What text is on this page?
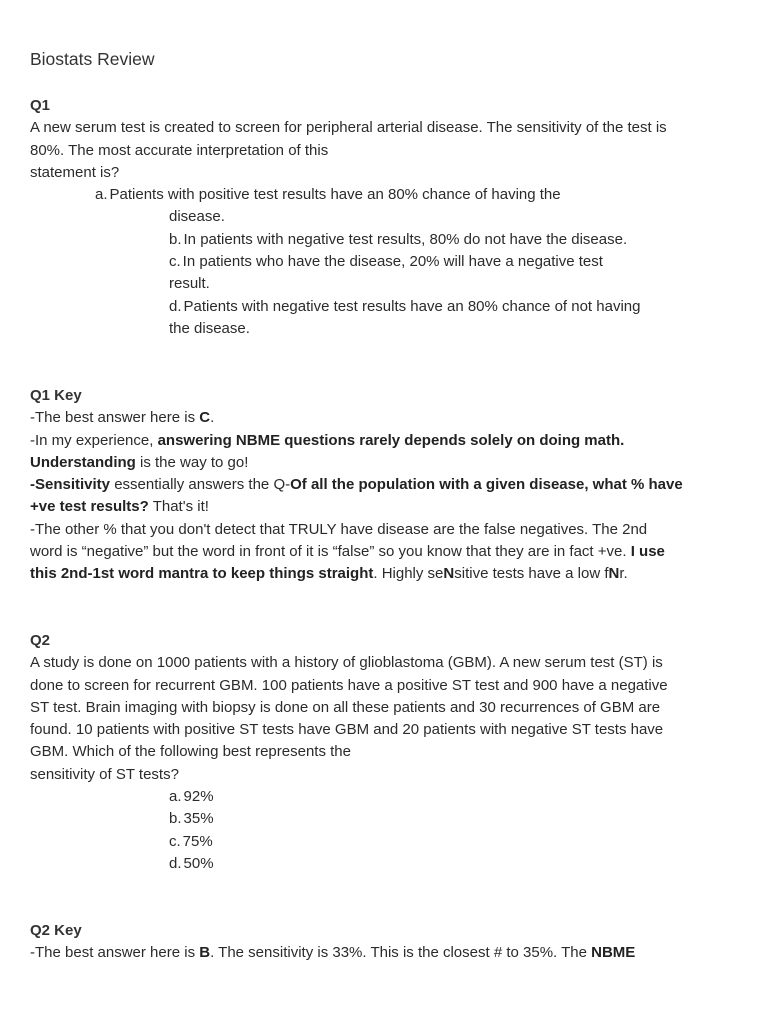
Biostats Review
Q1
A new serum test is created to screen for peripheral arterial disease. The sensitivity of the test is
80%. The most accurate interpretation of this
statement is?
a. Patients with positive test results have an 80% chance of having the
disease.
b. In patients with negative test results, 80% do not have the disease.
c. In patients who have the disease, 20% will have a negative test
result.
d. Patients with negative test results have an 80% chance of not having
the disease.
Q1 Key
-The best answer here is C.
-In my experience, answering NBME questions rarely depends solely on doing math.
Understanding is the way to go!
-Sensitivity essentially answers the Q-Of all the population with a given disease, what % have
+ve test results? That's it!
-The other % that you don't detect that TRULY have disease are the false negatives. The 2nd
word is “negative” but the word in front of it is “false” so you know that they are in fact +ve. I use
this 2nd-1st word mantra to keep things straight. Highly seNsitive tests have a low fNr.
Q2
A study is done on 1000 patients with a history of glioblastoma (GBM). A new serum test (ST) is
done to screen for recurrent GBM. 100 patients have a positive ST test and 900 have a negative
ST test. Brain imaging with biopsy is done on all these patients and 30 recurrences of GBM are
found. 10 patients with positive ST tests have GBM and 20 patients with negative ST tests have
GBM. Which of the following best represents the
sensitivity of ST tests?
a. 92%
b. 35%
c. 75%
d. 50%
Q2 Key
-The best answer here is B. The sensitivity is 33%. This is the closest # to 35%. The NBME
